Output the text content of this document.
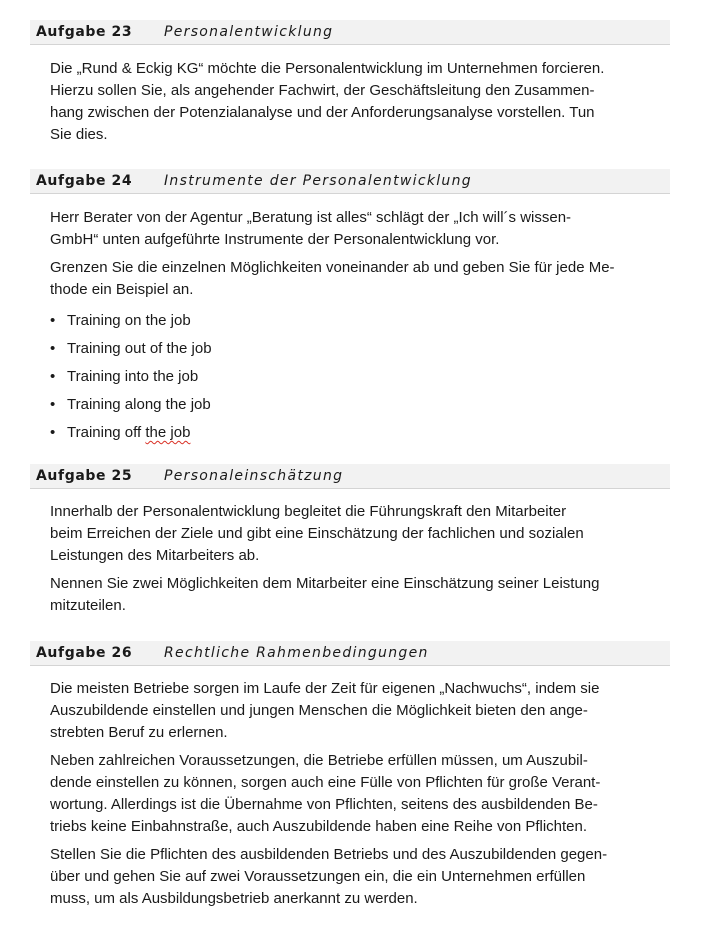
Aufgabe 23	Personalentwicklung

Die „Rund & Eckig KG“ möchte die Personalentwicklung im Unternehmen forcieren.
Hierzu sollen Sie, als angehender Fachwirt, der Geschäftsleitung den Zusammen-
hang zwischen der Potenzialanalyse und der Anforderungsanalyse vorstellen. Tun
Sie dies.

Aufgabe 24	Instrumente der Personalentwicklung

Herr Berater von der Agentur „Beratung ist alles“ schlägt der „Ich will´s wissen-
GmbH“ unten aufgeführte Instrumente der Personalentwicklung vor.

Grenzen Sie die einzelnen Möglichkeiten voneinander ab und geben Sie für jede Me-
thode ein Beispiel an.

• Training on the job
• Training out of the job
• Training into the job
• Training along the job
• Training off the job
Aufgabe 25	Personaleinschätzung

Innerhalb der Personalentwicklung begleitet die Führungskraft den Mitarbeiter
beim Erreichen der Ziele und gibt eine Einschätzung der fachlichen und sozialen
Leistungen des Mitarbeiters ab.

Nennen Sie zwei Möglichkeiten dem Mitarbeiter eine Einschätzung seiner Leistung
mitzuteilen.

Aufgabe 26	Rechtliche Rahmenbedingungen

Die meisten Betriebe sorgen im Laufe der Zeit für eigenen „Nachwuchs“, indem sie
Auszubildende einstellen und jungen Menschen die Möglichkeit bieten den ange-
strebten Beruf zu erlernen.

Neben zahlreichen Voraussetzungen, die Betriebe erfüllen müssen, um Auszubil-
dende einstellen zu können, sorgen auch eine Fülle von Pflichten für große Verant-
wortung. Allerdings ist die Übernahme von Pflichten, seitens des ausbildenden Be-
triebs keine Einbahnstraße, auch Auszubildende haben eine Reihe von Pflichten.

Stellen Sie die Pflichten des ausbildenden Betriebs und des Auszubildenden gegen-
über und gehen Sie auf zwei Voraussetzungen ein, die ein Unternehmen erfüllen
muss, um als Ausbildungsbetrieb anerkannt zu werden.
